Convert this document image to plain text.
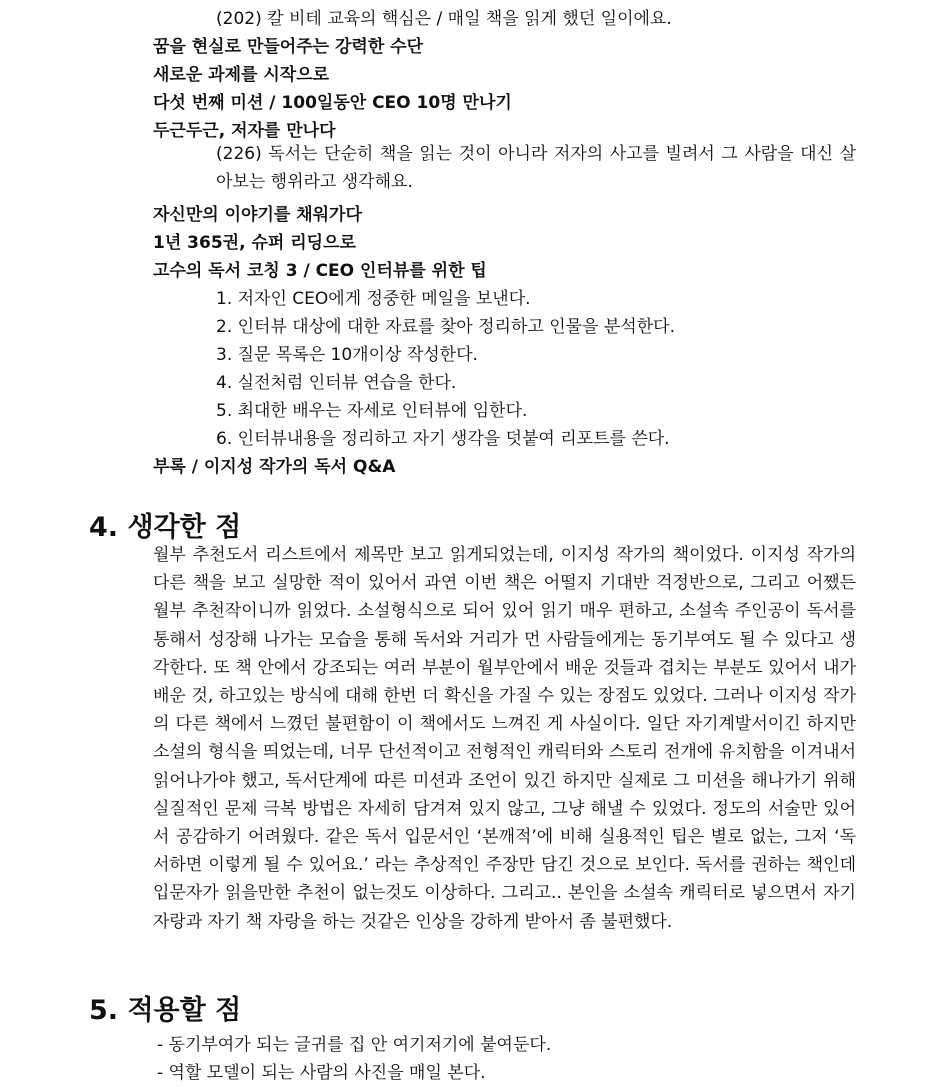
(202) 칼 비테 교육의 핵심은 / 매일 책을 읽게 했던 일이에요.
꿈을 현실로 만들어주는 강력한 수단
새로운 과제를 시작으로
다섯 번째 미션 / 100일동안 CEO 10명 만나기
두근두근, 저자를 만나다
(226) 독서는 단순히 책을 읽는 것이 아니라 저자의 사고를 빌려서 그 사람을 대신 살아보는 행위라고 생각해요.
자신만의 이야기를 채워가다
1년 365권, 슈퍼 리딩으로
고수의 독서 코칭 3 / CEO 인터뷰를 위한 팁
1. 저자인 CEO에게 정중한 메일을 보낸다.
2. 인터뷰 대상에 대한 자료를 찾아 정리하고 인물을 분석한다.
3. 질문 목록은 10개이상 작성한다.
4. 실전처럼 인터뷰 연습을 한다.
5. 최대한 배우는 자세로 인터뷰에 임한다.
6. 인터뷰내용을 정리하고 자기 생각을 덧붙여 리포트를 쓴다.
부록 / 이지성 작가의 독서 Q&A
4. 생각한 점
월부 추천도서 리스트에서 제목만 보고 읽게되었는데, 이지성 작가의 책이었다. 이지성 작가의 다른 책을 보고 실망한 적이 있어서 과연 이번 책은 어떨지 기대반 걱정반으로, 그리고 어쨌든 월부 추천작이니까 읽었다. 소설형식으로 되어 있어 읽기 매우 편하고, 소설속 주인공이 독서를 통해서 성장해 나가는 모습을 통해 독서와 거리가 먼 사람들에게는 동기부여도 될 수 있다고 생각한다. 또 책 안에서 강조되는 여러 부분이 월부안에서 배운 것들과 겹치는 부분도 있어서 내가 배운 것, 하고있는 방식에 대해 한번 더 확신을 가질 수 있는 장점도 있었다. 그러나 이지성 작가의 다른 책에서 느꼈던 불편함이 이 책에서도 느껴진 게 사실이다. 일단 자기계발서이긴 하지만 소설의 형식을 띄었는데, 너무 단선적이고 전형적인 캐릭터와 스토리 전개에 유치함을 이겨내서 읽어나가야 했고, 독서단계에 따른 미션과 조언이 있긴 하지만 실제로 그 미션을 해나가기 위해 실질적인 문제 극복 방법은 자세히 담겨져 있지 않고, 그냥 해낼 수 있었다. 정도의 서술만 있어서 공감하기 어려웠다. 같은 독서 입문서인 ‘본깨적’에 비해 실용적인 팁은 별로 없는, 그저 ‘독서하면 이렇게 될 수 있어요.’ 라는 추상적인 주장만 담긴 것으로 보인다. 독서를 권하는 책인데 입문자가 읽을만한 추천이 없는것도 이상하다. 그리고.. 본인을 소설속 캐릭터로 넣으면서 자기 자랑과 자기 책 자랑을 하는 것같은 인상을 강하게 받아서 좀 불편했다.
5. 적용할 점
- 동기부여가 되는 글귀를 집 안 여기저기에 붙여둔다.
- 역할 모델이 되는 사람의 사진을 매일 본다.
